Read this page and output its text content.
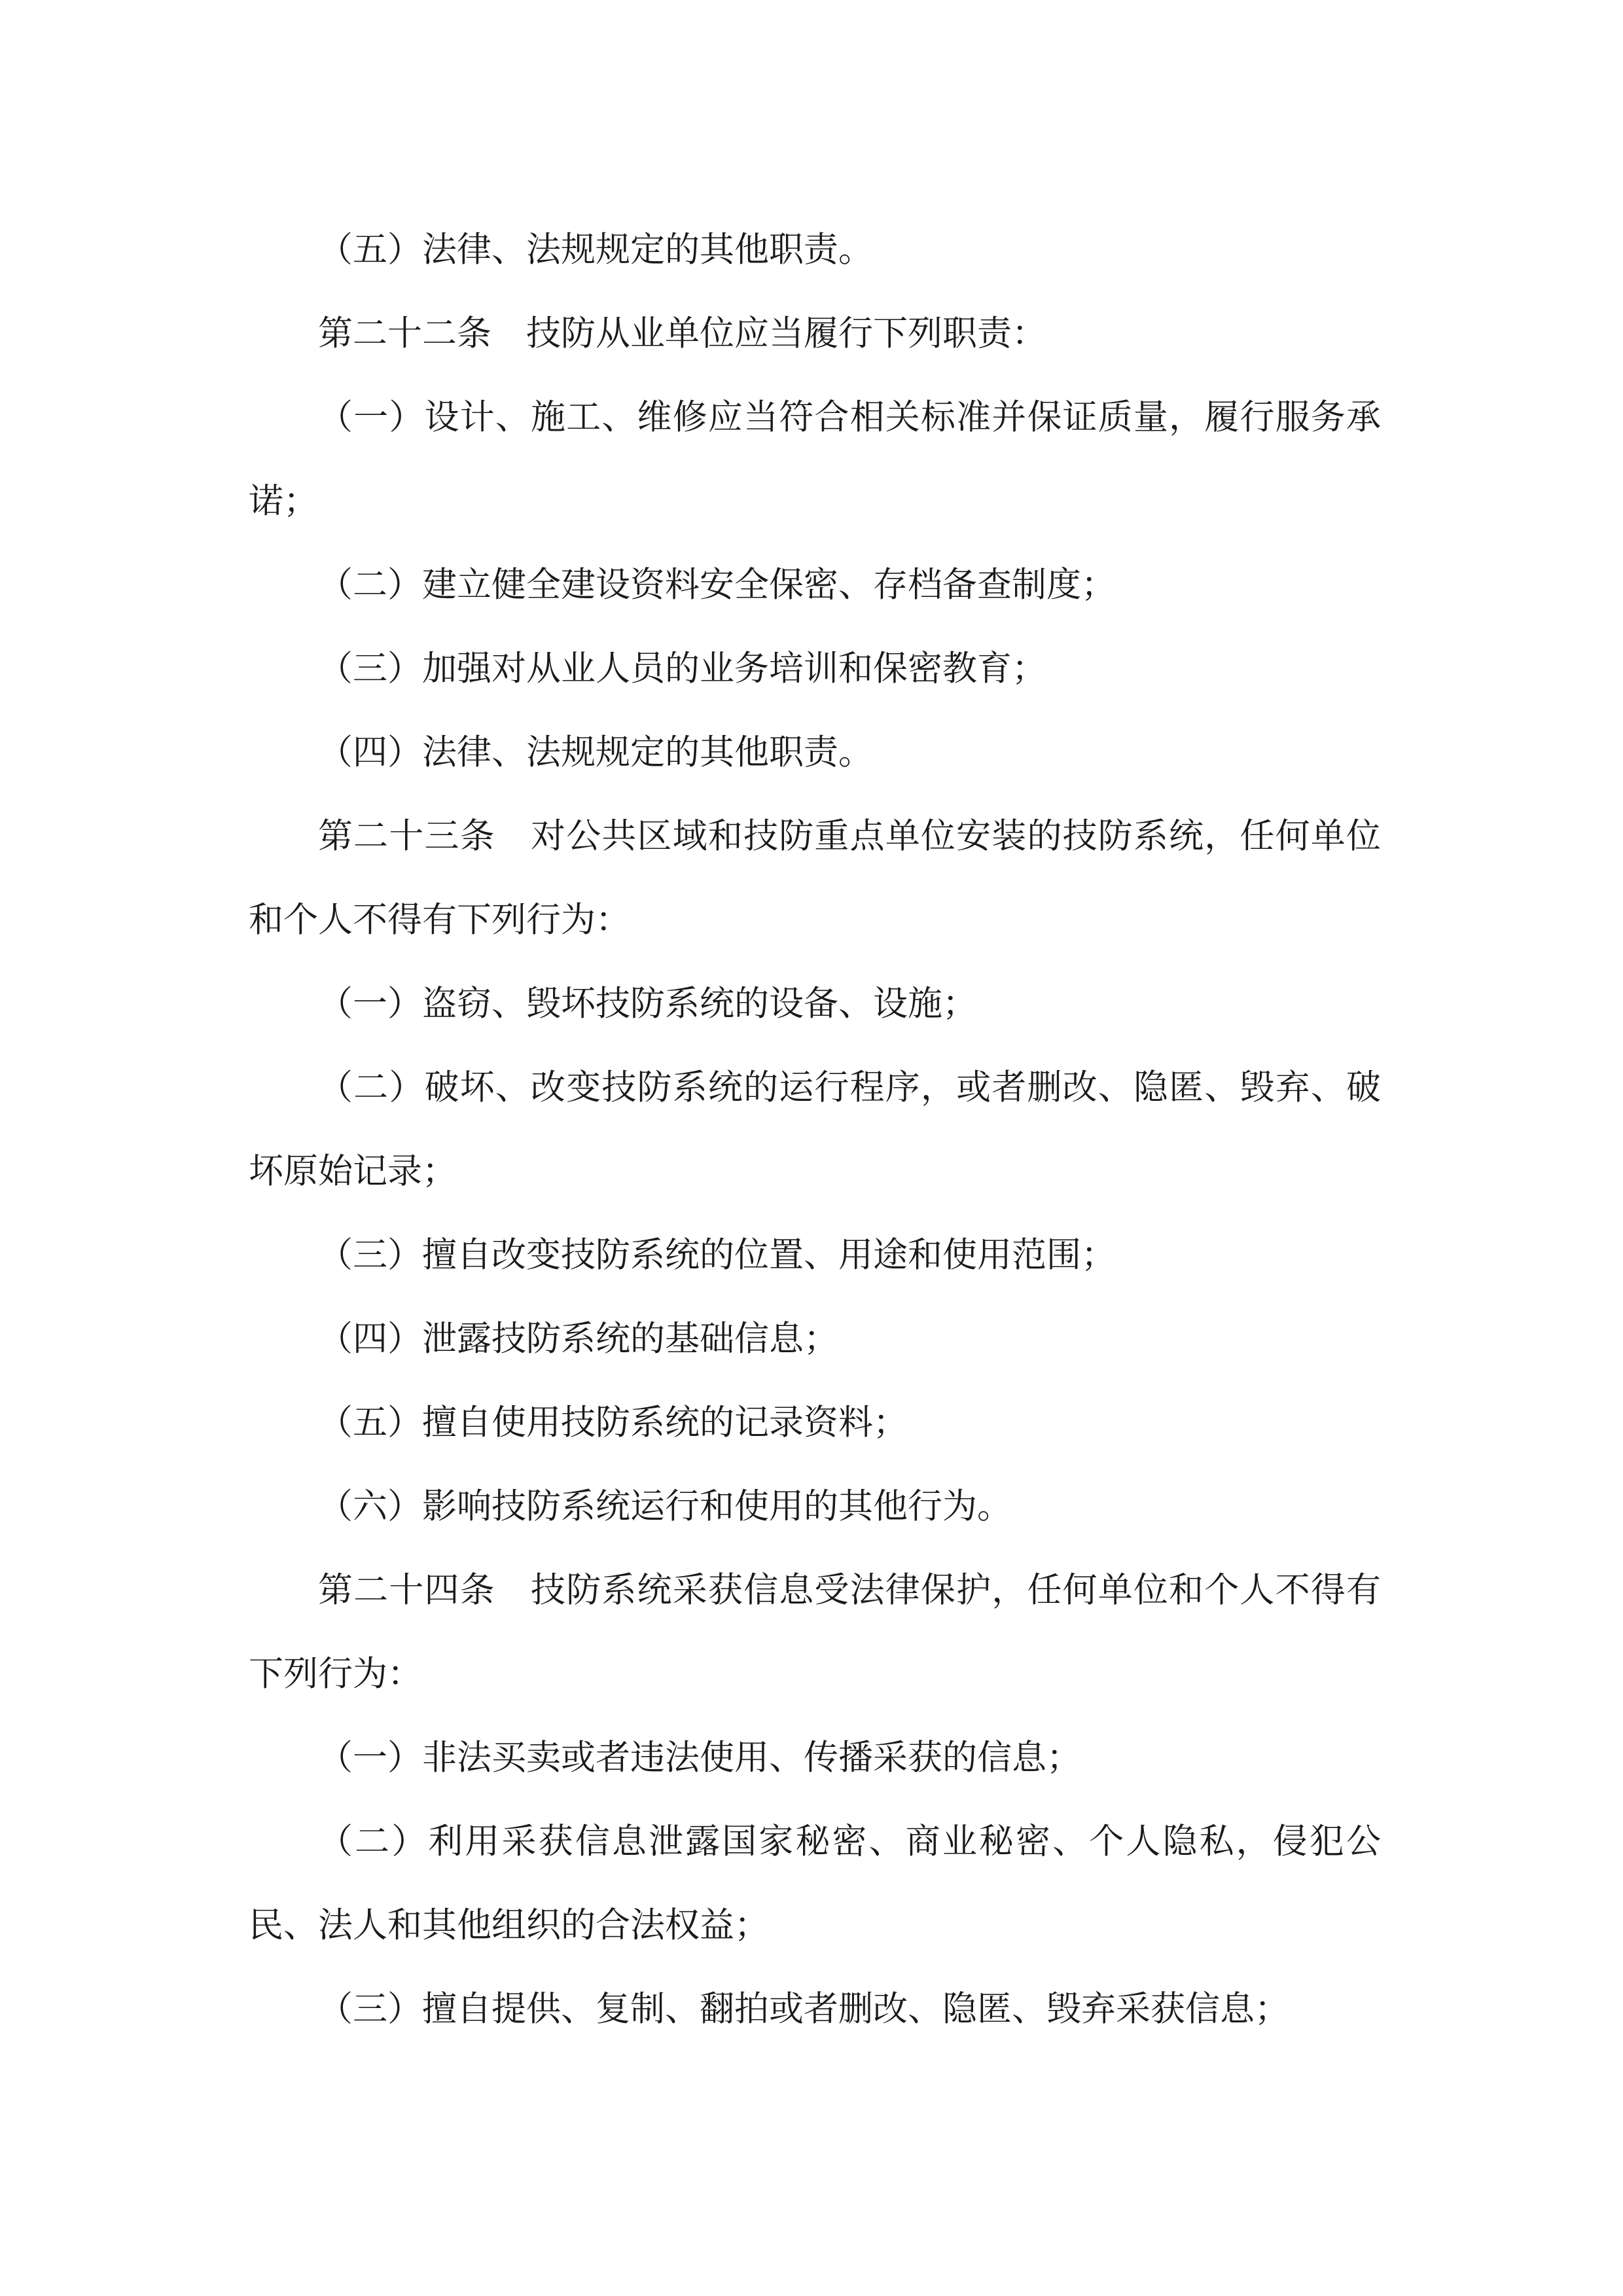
（五）法律、法规规定的其他职责。

第二十二条　技防从业单位应当履行下列职责：

（一）设计、施工、维修应当符合相关标准并保证质量，履行服务承诺；

（二）建立健全建设资料安全保密、存档备查制度；

（三）加强对从业人员的业务培训和保密教育；

（四）法律、法规规定的其他职责。

第二十三条　对公共区域和技防重点单位安装的技防系统，任何单位和个人不得有下列行为：

（一）盗窃、毁坏技防系统的设备、设施；

（二）破坏、改变技防系统的运行程序，或者删改、隐匿、毁弃、破坏原始记录；

（三）擅自改变技防系统的位置、用途和使用范围；

（四）泄露技防系统的基础信息；

（五）擅自使用技防系统的记录资料；

（六）影响技防系统运行和使用的其他行为。

第二十四条　技防系统采获信息受法律保护，任何单位和个人不得有下列行为：

（一）非法买卖或者违法使用、传播采获的信息；

（二）利用采获信息泄露国家秘密、商业秘密、个人隐私，侵犯公民、法人和其他组织的合法权益；

（三）擅自提供、复制、翻拍或者删改、隐匿、毁弃采获信息；
